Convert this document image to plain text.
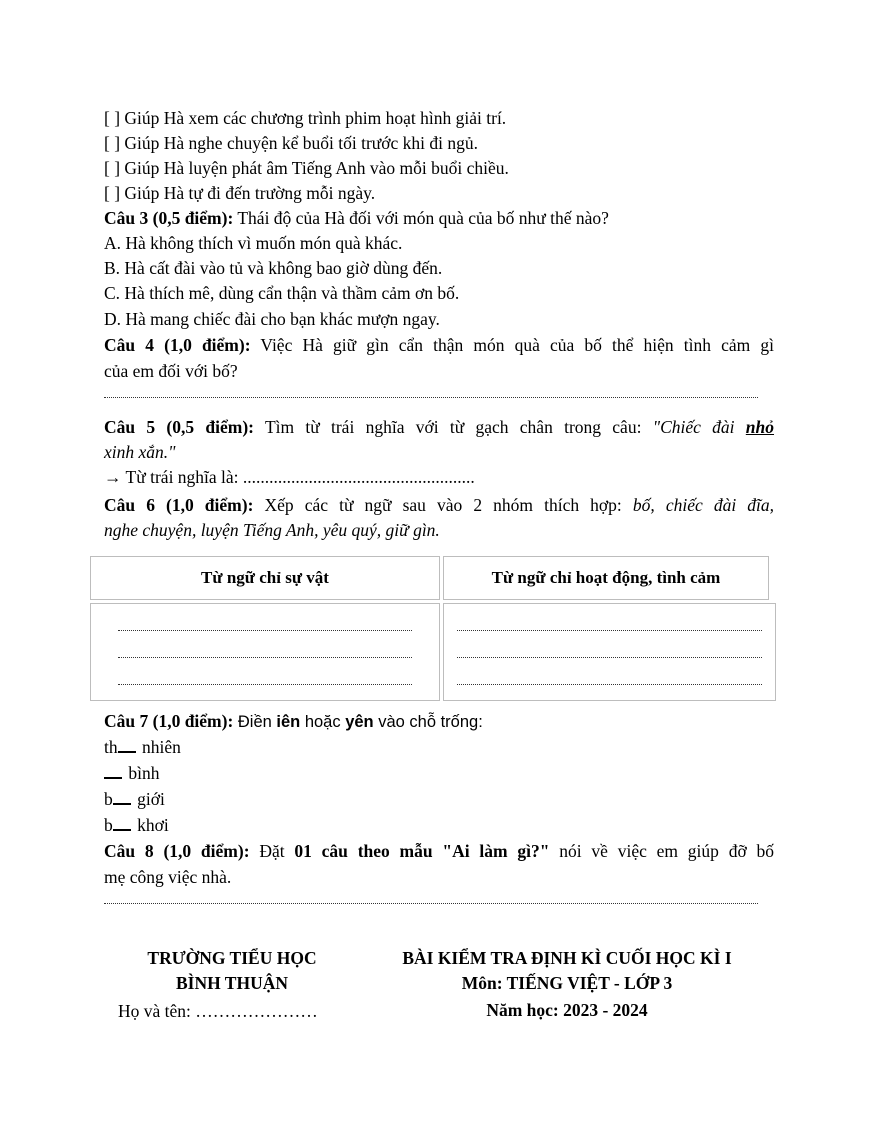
[ ] Giúp Hà xem các chương trình phim hoạt hình giải trí.
[ ] Giúp Hà nghe chuyện kể buổi tối trước khi đi ngủ.
[ ] Giúp Hà luyện phát âm Tiếng Anh vào mỗi buổi chiều.
[ ] Giúp Hà tự đi đến trường mỗi ngày.
Câu 3 (0,5 điểm): Thái độ của Hà đối với món quà của bố như thế nào?
A. Hà không thích vì muốn món quà khác.
B. Hà cất đài vào tủ và không bao giờ dùng đến.
C. Hà thích mê, dùng cẩn thận và thầm cảm ơn bố.
D. Hà mang chiếc đài cho bạn khác mượn ngay.
Câu 4 (1,0 điểm): Việc Hà giữ gìn cẩn thận món quà của bố thể hiện tình cảm gì
của em đối với bố?
Câu 5 (0,5 điểm): Tìm từ trái nghĩa với từ gạch chân trong câu: "Chiếc đài nhỏ
xinh xắn."
→ Từ trái nghĩa là: .....................................................
Câu 6 (1,0 điểm): Xếp các từ ngữ sau vào 2 nhóm thích hợp: bố, chiếc đài đĩa,
nghe chuyện, luyện Tiếng Anh, yêu quý, giữ gìn.
Từ ngữ chỉ sự vật	Từ ngữ chỉ hoạt động, tình cảm
Câu 7 (1,0 điểm): Điền iên hoặc yên vào chỗ trống:
th nhiên
bình
b giới
b khơi
Câu 8 (1,0 điểm): Đặt 01 câu theo mẫu "Ai làm gì?" nói về việc em giúp đỡ bố
mẹ công việc nhà.
TRƯỜNG TIỂU HỌC
BÌNH THUẬN
Họ và tên: …………………
BÀI KIỂM TRA ĐỊNH KÌ CUỐI HỌC KÌ I
Môn: TIẾNG VIỆT - LỚP 3
Năm học: 2023 - 2024
